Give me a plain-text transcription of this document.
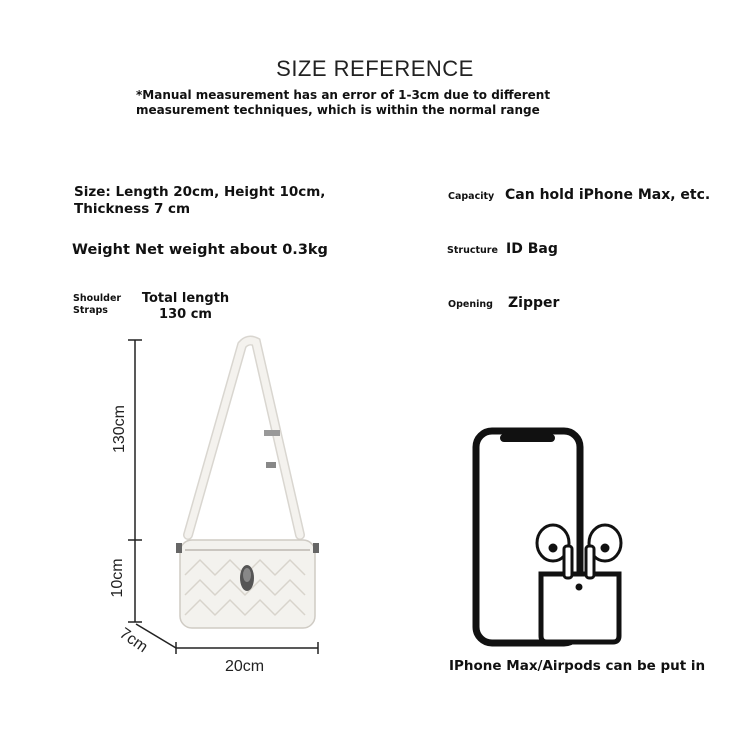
SIZE REFERENCE
*Manual measurement has an error of 1-3cm due to different measurement techniques, which is within the normal range
Size: Length 20cm, Height 10cm, Thickness 7 cm
Weight Net weight about 0.3kg
Shoulder Straps
Total length 130 cm
Capacity Can hold iPhone Max, etc.
Structure ID Bag
Opening Zipper
130cm
10cm
7cm
20cm	IPhone Max/Airpods can be put in
